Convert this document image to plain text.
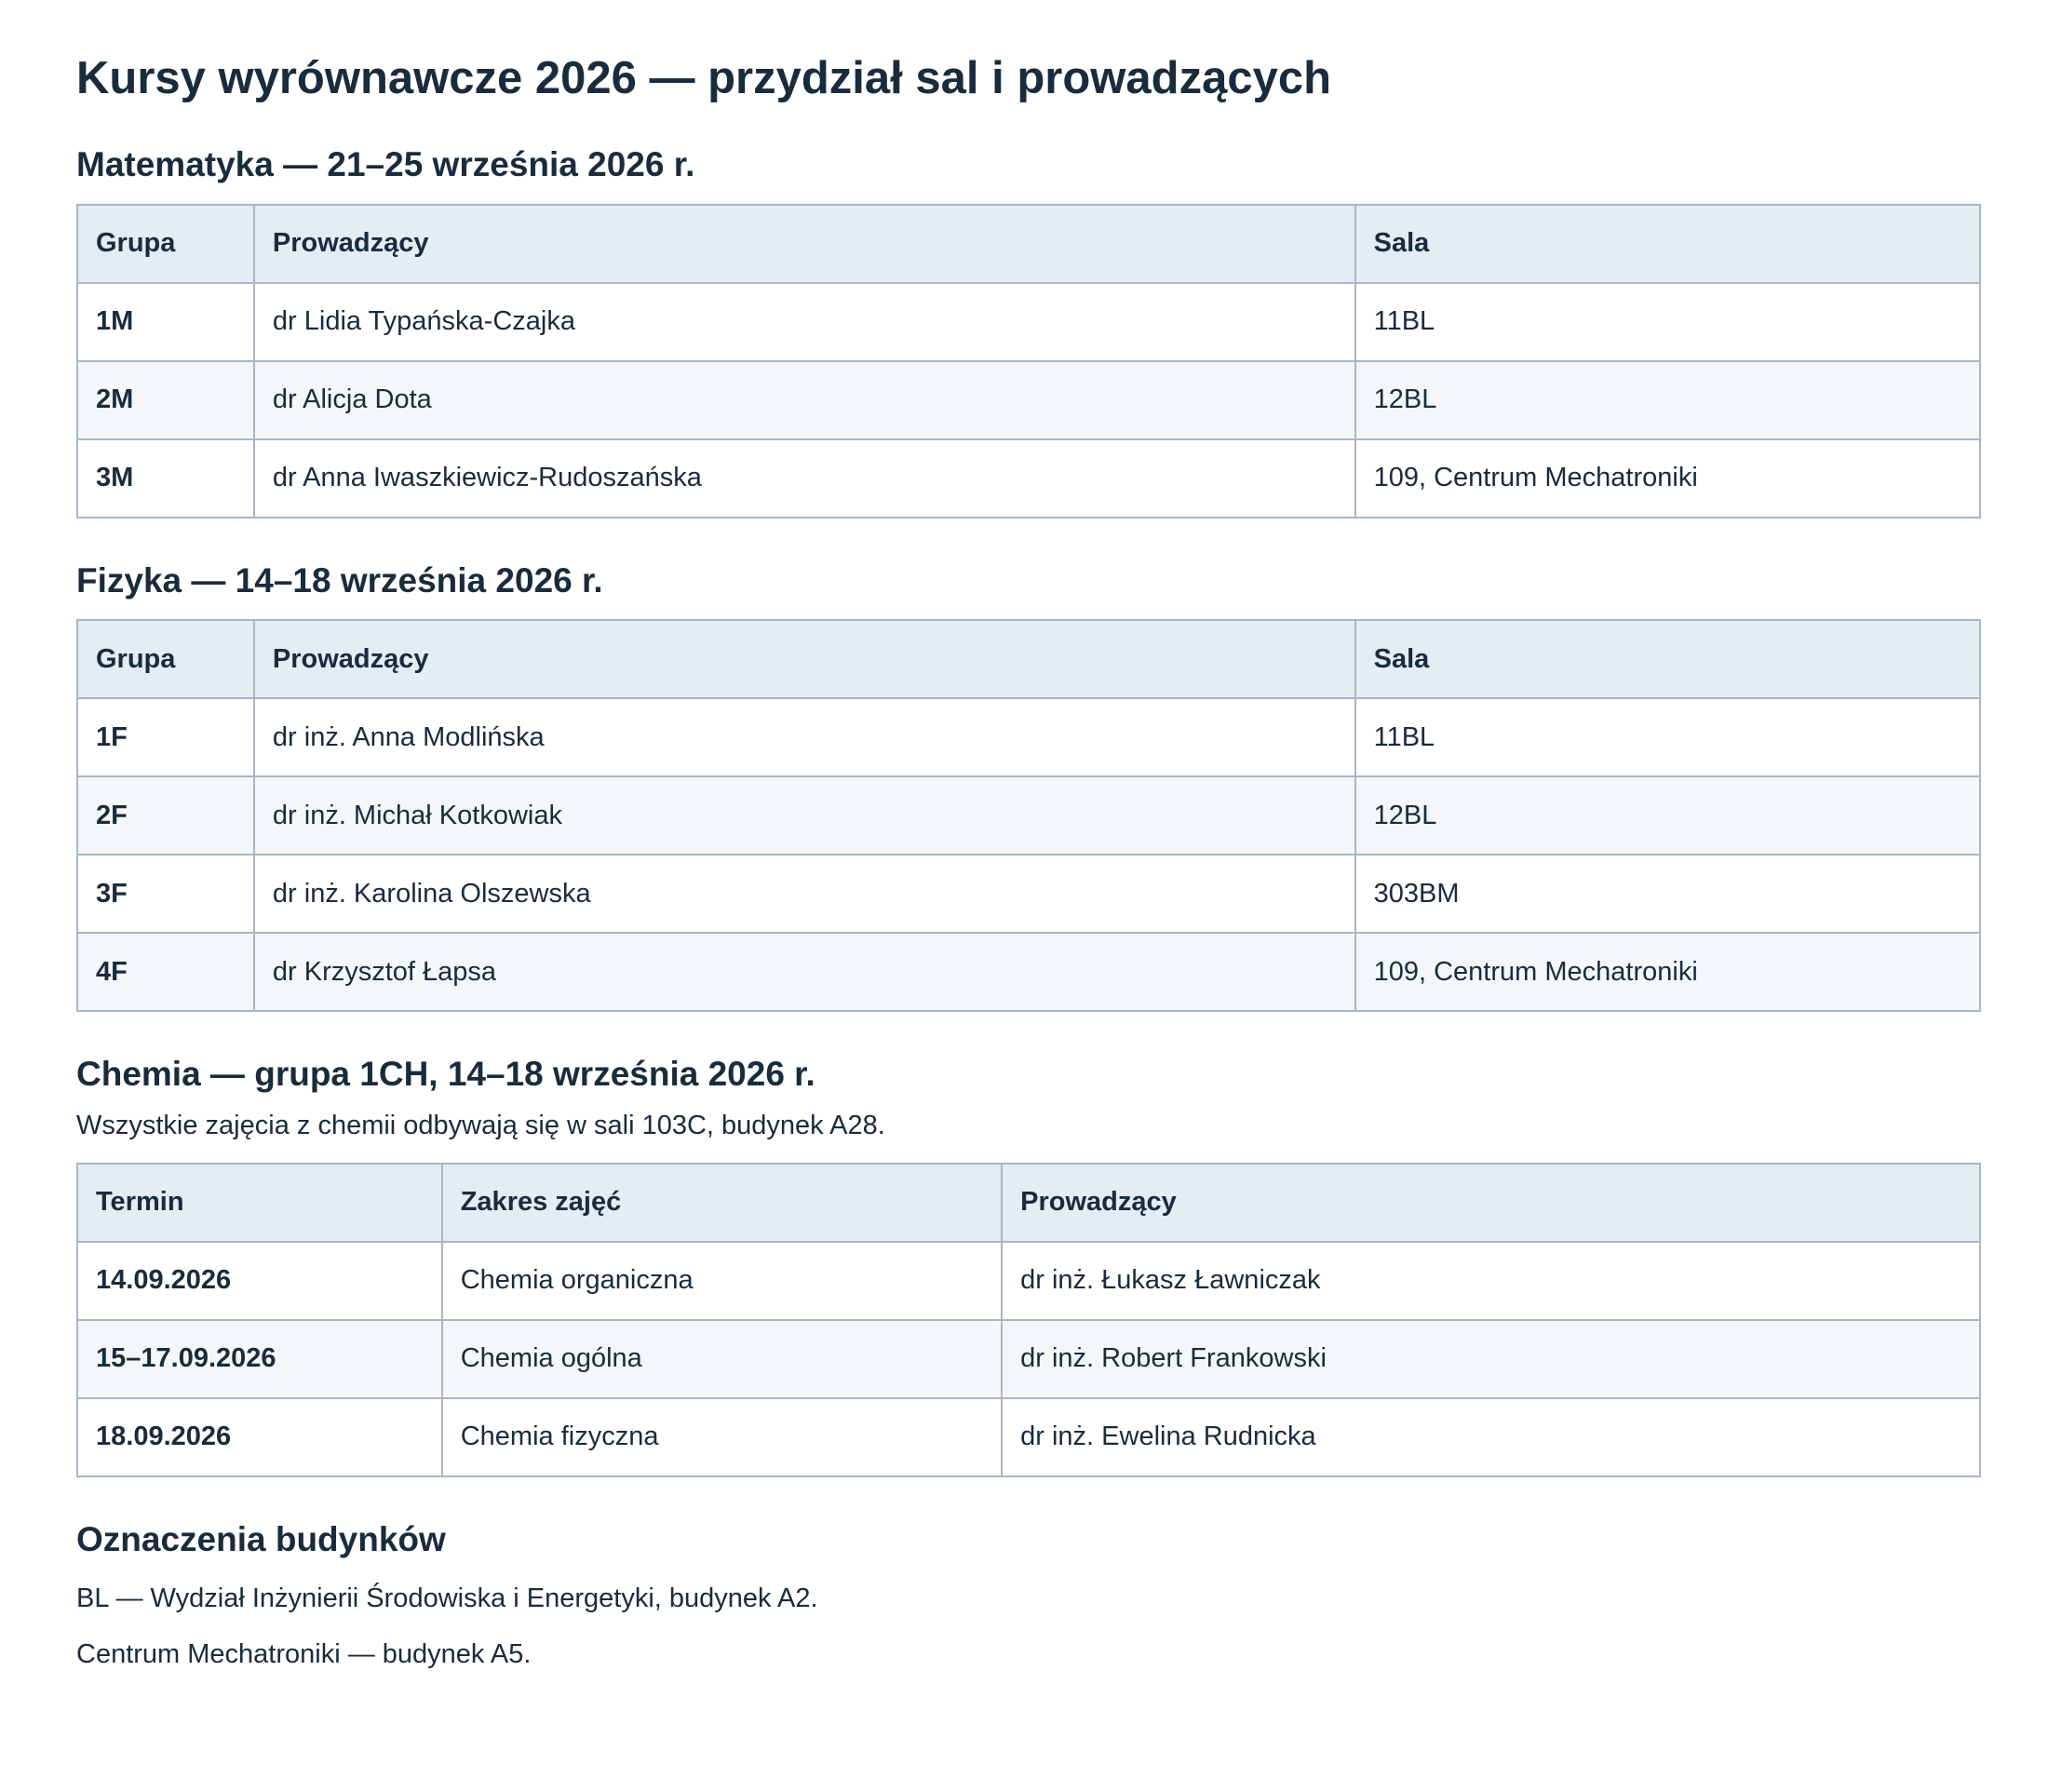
Kursy wyrównawcze 2026 — przydział sal i prowadzących
Matematyka — 21–25 września 2026 r.
Grupa	Prowadzący	Sala
1M	dr Lidia Typańska-Czajka	11BL
2M	dr Alicja Dota	12BL
3M	dr Anna Iwaszkiewicz-Rudoszańska	109, Centrum Mechatroniki
Fizyka — 14–18 września 2026 r.
Grupa	Prowadzący	Sala
1F	dr inż. Anna Modlińska	11BL
2F	dr inż. Michał Kotkowiak	12BL
3F	dr inż. Karolina Olszewska	303BM
4F	dr Krzysztof Łapsa	109, Centrum Mechatroniki
Chemia — grupa 1CH, 14–18 września 2026 r.

Wszystkie zajęcia z chemii odbywają się w sali 103C, budynek A28.

Termin	Zakres zajęć	Prowadzący
14.09.2026	Chemia organiczna	dr inż. Łukasz Ławniczak
15–17.09.2026	Chemia ogólna	dr inż. Robert Frankowski
18.09.2026	Chemia fizyczna	dr inż. Ewelina Rudnicka
Oznaczenia budynków

BL — Wydział Inżynierii Środowiska i Energetyki, budynek A2.

Centrum Mechatroniki — budynek A5.
